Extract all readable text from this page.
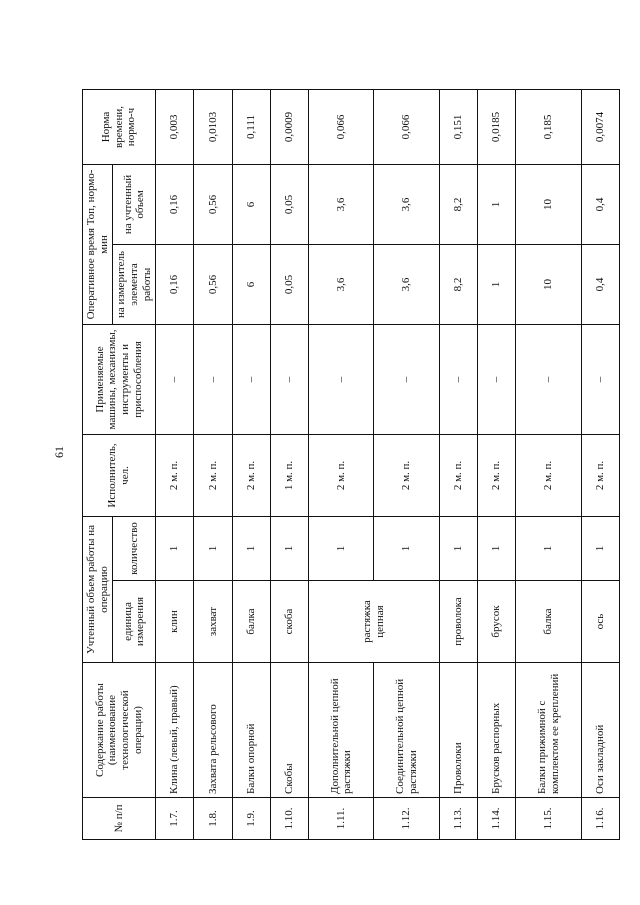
61
№ п/п	Содержание работы (наименование технологической операции)	Учтенный объем работы на операцию		Исполнитель, чел.	Применяемые машины, механизмы, инструменты и приспособления	Оперативное время Топ, нормо-мин		Норма времени, нормо-ч
		единица измерения	количество			на измеритель элемента работы	на учтенный объем	
1.7.	Клина (левый, правый)	клин	1	2 м. п.	–	0,16	0,16	0,003
1.8.	Захвата рельсового	захват	1	2 м. п.	–	0,56	0,56	0,0103
1.9.	Балки опорной	балка	1	2 м. п.	–	6	6	0,111
1.10.	Скобы	скоба	1	1 м. п.	–	0,05	0,05	0,0009
1.11.	Дополнительной цепной растяжки	растяжка цепная	1	2 м. п.	–	3,6	3,6	0,066
1.12.	Соединительной цепной растяжки		1	2 м. п.	–	3,6	3,6	0,066
1.13.	Проволоки	проволока	1	2 м. п.	–	8,2	8,2	0,151
1.14.	Брусков распорных	брусок	1	2 м. п.	–	1	1	0,0185
1.15.	Балки прижимной с комплектом ее креплений	балка	1	2 м. п.	–	10	10	0,185
1.16.	Оси закладной	ось	1	2 м. п.	–	0,4	0,4	0,0074
